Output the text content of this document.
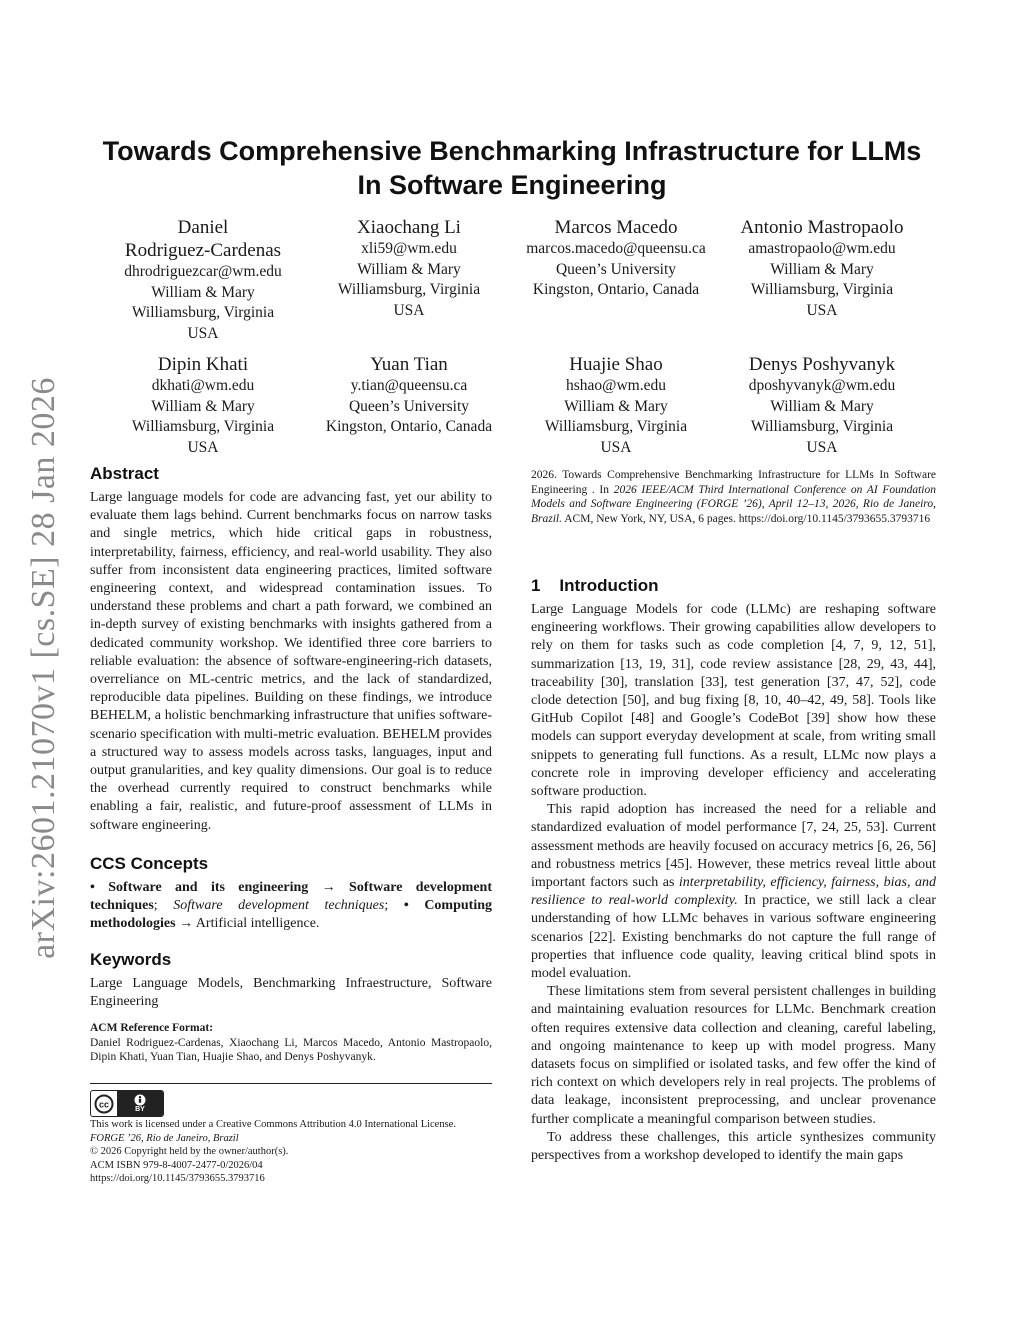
arXiv:2601.21070v1 [cs.SE] 28 Jan 2026
Towards Comprehensive Benchmarking Infrastructure for LLMs
In Software Engineering
Daniel
Rodriguez-Cardenas
dhrodriguezcar@wm.edu
William & Mary
Williamsburg, Virginia
USA
Xiaochang Li
xli59@wm.edu
William & Mary
Williamsburg, Virginia
USA
Marcos Macedo
marcos.macedo@queensu.ca
Queen’s University
Kingston, Ontario, Canada
Antonio Mastropaolo
amastropaolo@wm.edu
William & Mary
Williamsburg, Virginia
USA
Dipin Khati
dkhati@wm.edu
William & Mary
Williamsburg, Virginia
USA
Yuan Tian
y.tian@queensu.ca
Queen’s University
Kingston, Ontario, Canada
Huajie Shao
hshao@wm.edu
William & Mary
Williamsburg, Virginia
USA
Denys Poshyvanyk
dposhyvanyk@wm.edu
William & Mary
Williamsburg, Virginia
USA
Abstract

Large language models for code are advancing fast, yet our ability to evaluate them lags behind. Current benchmarks focus on narrow tasks and single metrics, which hide critical gaps in robustness, interpretability, fairness, efficiency, and real-world usability. They also suffer from inconsistent data engineering practices, limited software engineering context, and widespread contamination issues. To understand these problems and chart a path forward, we combined an in-depth survey of existing benchmarks with insights gathered from a dedicated community workshop. We identified three core barriers to reliable evaluation: the absence of software-engineering-rich datasets, overreliance on ML-centric metrics, and the lack of standardized, reproducible data pipelines. Building on these findings, we introduce BEHELM, a holistic benchmarking infrastructure that unifies software-scenario specification with multi-metric evaluation. BEHELM provides a structured way to assess models across tasks, languages, input and output granularities, and key quality dimensions. Our goal is to reduce the overhead currently required to construct benchmarks while enabling a fair, realistic, and future-proof assessment of LLMs in software engineering.

CCS Concepts

• Software and its engineering → Software development techniques; Software development techniques; • Computing methodologies → Artificial intelligence.

Keywords

Large Language Models, Benchmarking Infraestructure, Software Engineering

ACM Reference Format:

Daniel Rodriguez-Cardenas, Xiaochang Li, Marcos Macedo, Antonio Mastropaolo, Dipin Khati, Yuan Tian, Huajie Shao, and Denys Poshyvanyk.

cc	BY
This work is licensed under a Creative Commons Attribution 4.0 International License.
FORGE ’26, Rio de Janeiro, Brazil
© 2026 Copyright held by the owner/author(s).
ACM ISBN 979-8-4007-2477-0/2026/04
https://doi.org/10.1145/3793655.3793716

2026. Towards Comprehensive Benchmarking Infrastructure for LLMs In Software Engineering . In 2026 IEEE/ACM Third International Conference on AI Foundation Models and Software Engineering (FORGE ’26), April 12–13, 2026, Rio de Janeiro, Brazil. ACM, New York, NY, USA, 6 pages. https://doi.org/10.1145/3793655.3793716

1 Introduction

Large Language Models for code (LLMc) are reshaping software engineering workflows. Their growing capabilities allow developers to rely on them for tasks such as code completion [4, 7, 9, 12, 51], summarization [13, 19, 31], code review assistance [28, 29, 43, 44], traceability [30], translation [33], test generation [37, 47, 52], code clode detection [50], and bug fixing [8, 10, 40–42, 49, 58]. Tools like GitHub Copilot [48] and Google’s CodeBot [39] show how these models can support everyday development at scale, from writing small snippets to generating full functions. As a result, LLMc now plays a concrete role in improving developer efficiency and accelerating software production.

This rapid adoption has increased the need for a reliable and standardized evaluation of model performance [7, 24, 25, 53]. Current assessment methods are heavily focused on accuracy metrics [6, 26, 56] and robustness metrics [45]. However, these metrics reveal little about important factors such as interpretability, efficiency, fairness, bias, and resilience to real-world complexity. In practice, we still lack a clear understanding of how LLMc behaves in various software engineering scenarios [22]. Existing benchmarks do not capture the full range of properties that influence code quality, leaving critical blind spots in model evaluation.

These limitations stem from several persistent challenges in building and maintaining evaluation resources for LLMc. Benchmark creation often requires extensive data collection and cleaning, careful labeling, and ongoing maintenance to keep up with model progress. Many datasets focus on simplified or isolated tasks, and few offer the kind of rich context on which developers rely in real projects. The problems of data leakage, inconsistent preprocessing, and unclear provenance further complicate a meaningful comparison between studies.

To address these challenges, this article synthesizes community perspectives from a workshop developed to identify the main gaps
